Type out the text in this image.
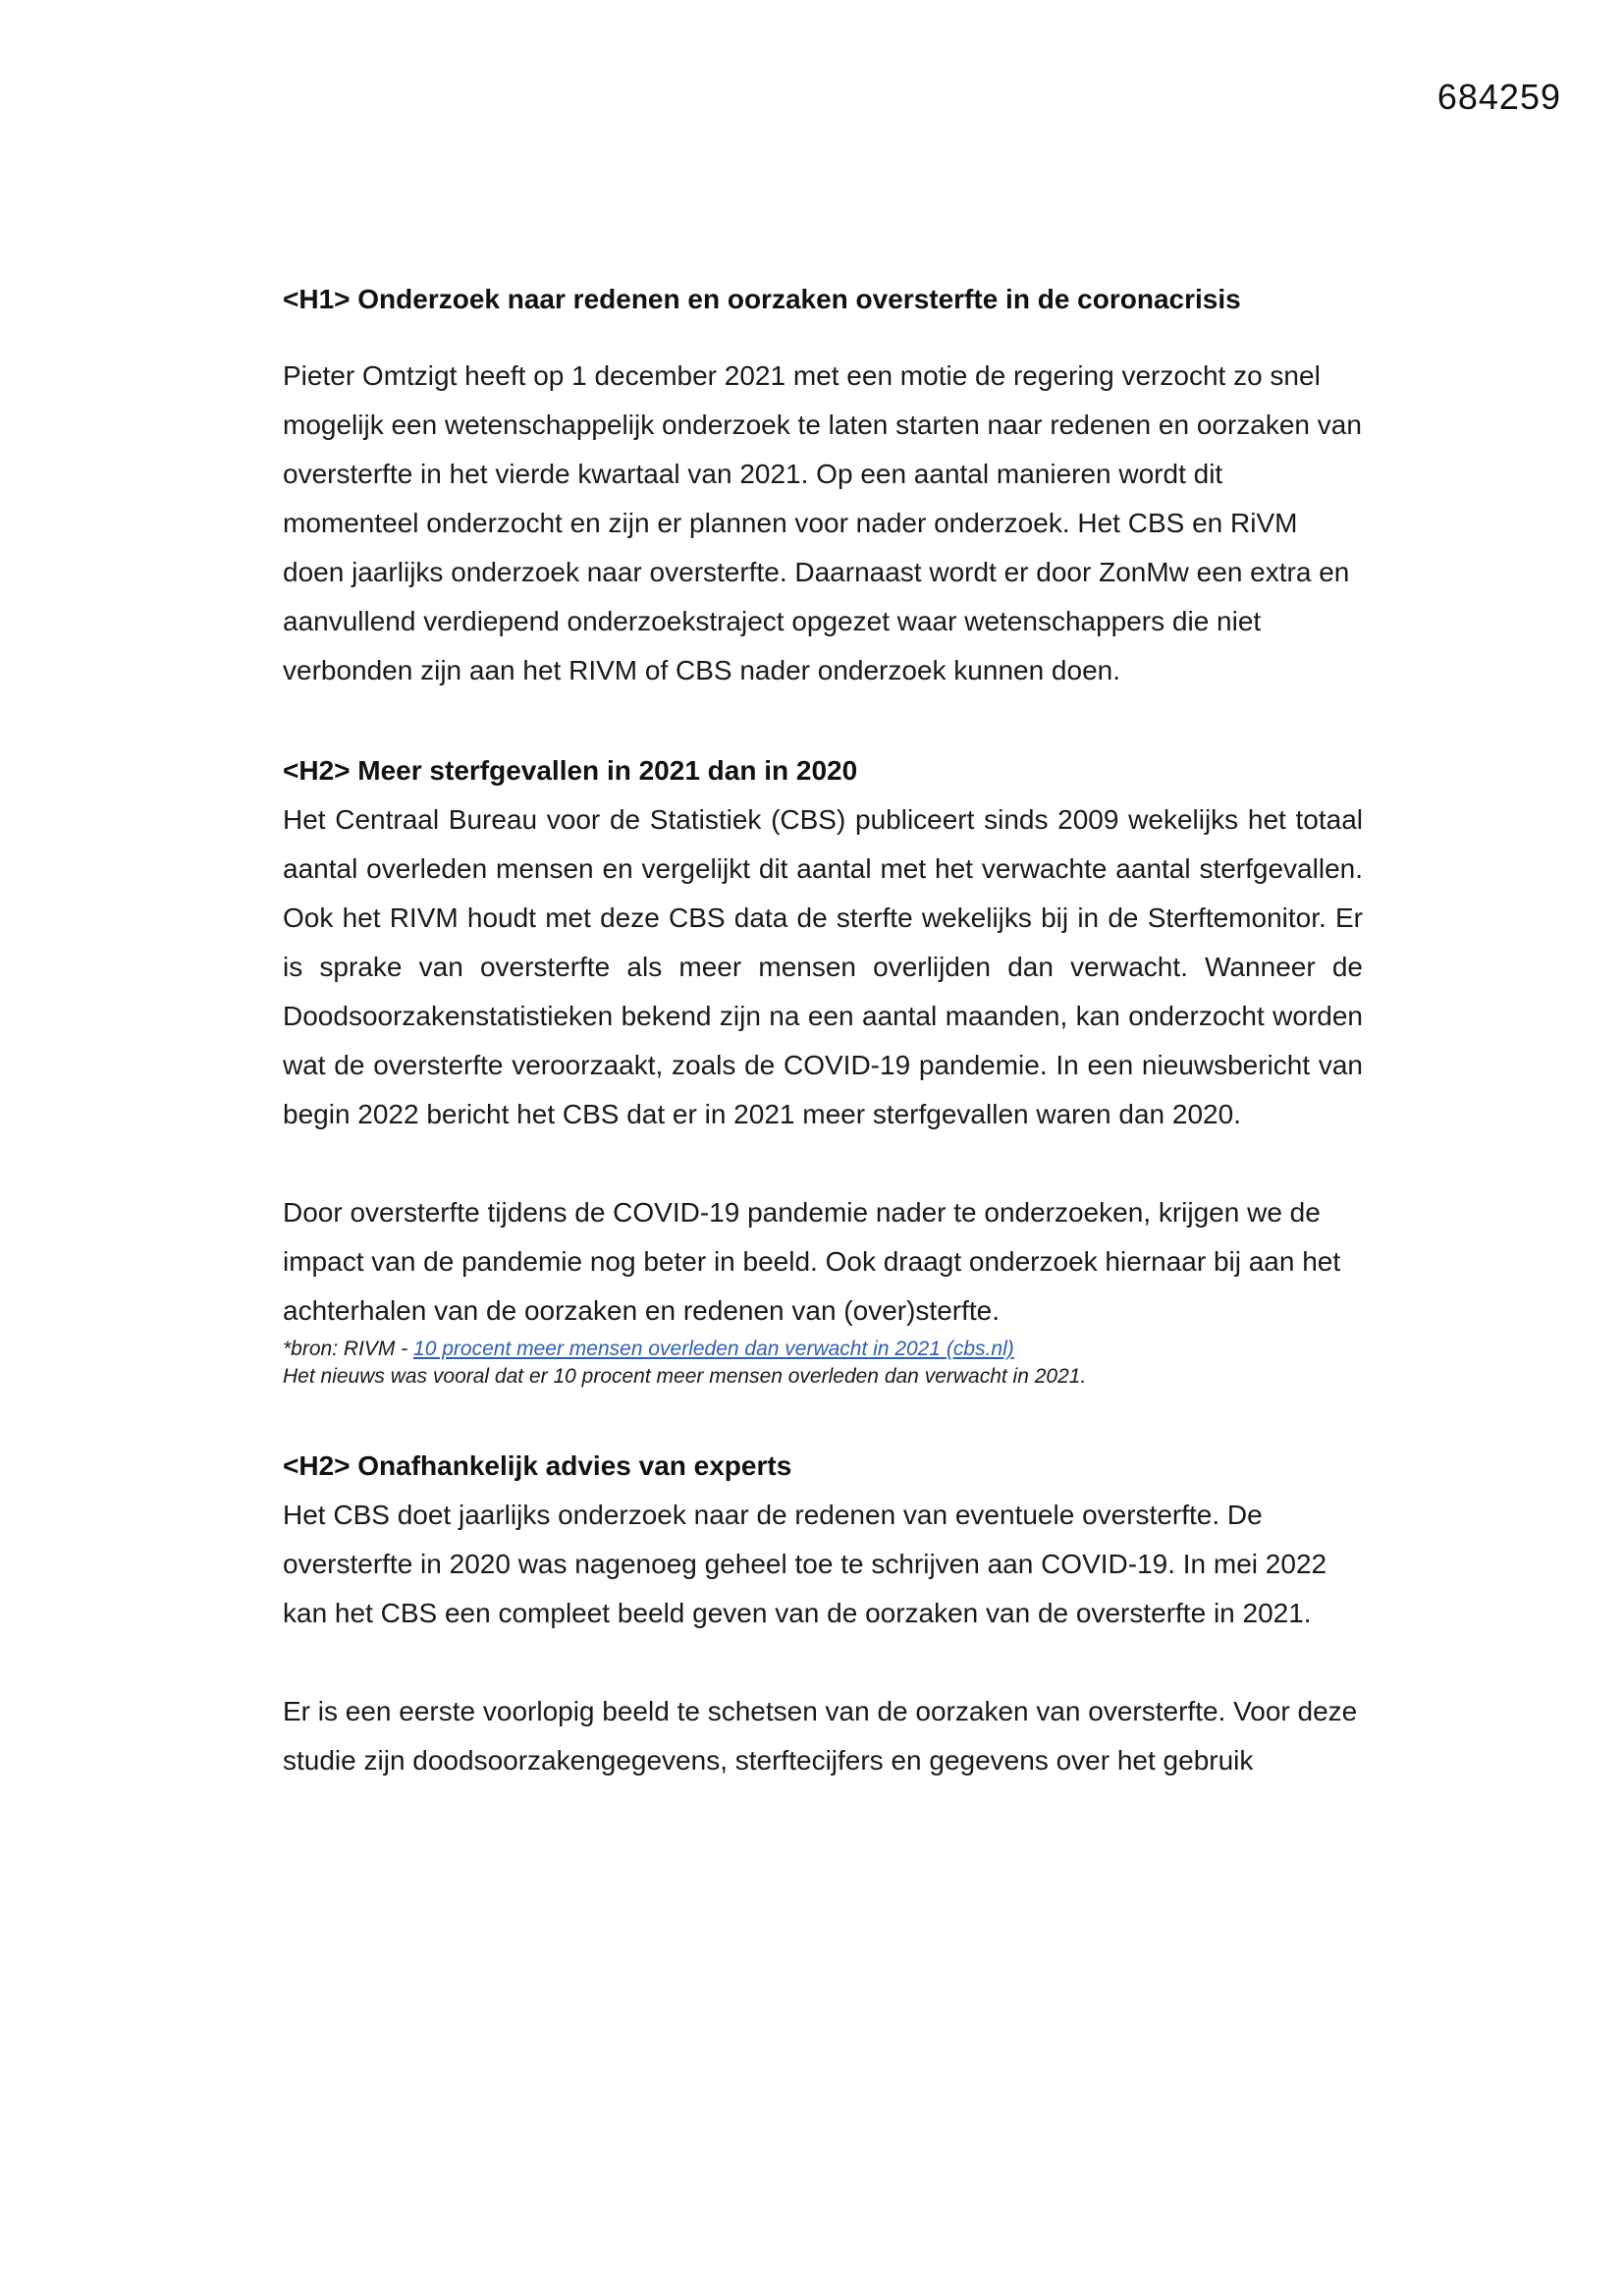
684259
<H1> Onderzoek naar redenen en oorzaken oversterfte in de coronacrisis

Pieter Omtzigt heeft op 1 december 2021 met een motie de regering verzocht zo snel mogelijk een wetenschappelijk onderzoek te laten starten naar redenen en oorzaken van oversterfte in het vierde kwartaal van 2021. Op een aantal manieren wordt dit momenteel onderzocht en zijn er plannen voor nader onderzoek. Het CBS en RiVM doen jaarlijks onderzoek naar oversterfte. Daarnaast wordt er door ZonMw een extra en aanvullend verdiepend onderzoekstraject opgezet waar wetenschappers die niet verbonden zijn aan het RIVM of CBS nader onderzoek kunnen doen.

<H2> Meer sterfgevallen in 2021 dan in 2020

Het Centraal Bureau voor de Statistiek (CBS) publiceert sinds 2009 wekelijks het totaal aantal overleden mensen en vergelijkt dit aantal met het verwachte aantal sterfgevallen. Ook het RIVM houdt met deze CBS data de sterfte wekelijks bij in de Sterftemonitor. Er is sprake van oversterfte als meer mensen overlijden dan verwacht. Wanneer de Doodsoorzakenstatistieken bekend zijn na een aantal maanden, kan onderzocht worden wat de oversterfte veroorzaakt, zoals de COVID-19 pandemie. In een nieuwsbericht van begin 2022 bericht het CBS dat er in 2021 meer sterfgevallen waren dan 2020.

Door oversterfte tijdens de COVID-19 pandemie nader te onderzoeken, krijgen we de impact van de pandemie nog beter in beeld. Ook draagt onderzoek hiernaar bij aan het achterhalen van de oorzaken en redenen van (over)sterfte.

*bron: RIVM - 10 procent meer mensen overleden dan verwacht in 2021 (cbs.nl)

Het nieuws was vooral dat er 10 procent meer mensen overleden dan verwacht in 2021.

<H2> Onafhankelijk advies van experts

Het CBS doet jaarlijks onderzoek naar de redenen van eventuele oversterfte. De oversterfte in 2020 was nagenoeg geheel toe te schrijven aan COVID-19. In mei 2022 kan het CBS een compleet beeld geven van de oorzaken van de oversterfte in 2021.

Er is een eerste voorlopig beeld te schetsen van de oorzaken van oversterfte. Voor deze studie zijn doodsoorzakengegevens, sterftecijfers en gegevens over het gebruik
